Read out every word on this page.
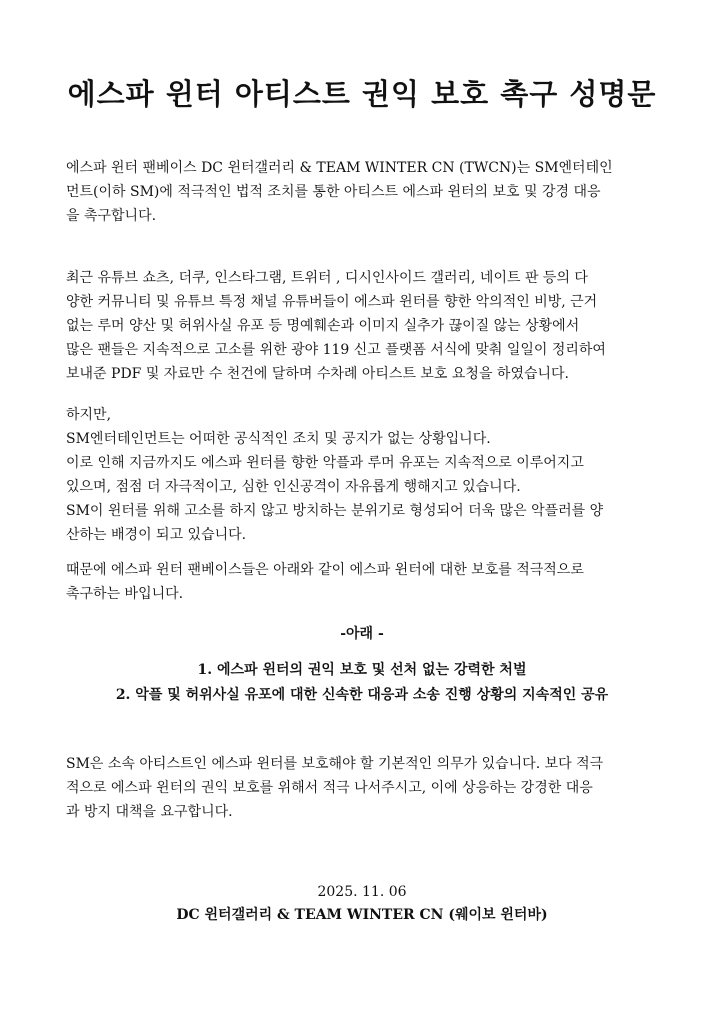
에스파 윈터 아티스트 권익 보호 촉구 성명문

에스파 윈터 팬베이스 DC 윈터갤러리 & TEAM WINTER CN (TWCN)는 SM엔터테인
먼트(이하 SM)에 적극적인 법적 조치를 통한 아티스트 에스파 윈터의 보호 및 강경 대응
을 촉구합니다.

최근 유튜브 쇼츠, 더쿠, 인스타그램, 트위터 , 디시인사이드 갤러리, 네이트 판 등의 다
양한 커뮤니티 및 유튜브 특정 채널 유튜버들이 에스파 윈터를 향한 악의적인 비방, 근거
없는 루머 양산 및 허위사실 유포 등 명예훼손과 이미지 실추가 끊이질 않는 상황에서
많은 팬들은 지속적으로 고소를 위한 광야 119 신고 플랫폼 서식에 맞춰 일일이 정리하여
보내준 PDF 및 자료만 수 천건에 달하며 수차례 아티스트 보호 요청을 하였습니다.

하지만,
SM엔터테인먼트는 어떠한 공식적인 조치 및 공지가 없는 상황입니다.
이로 인해 지금까지도 에스파 윈터를 향한 악플과 루머 유포는 지속적으로 이루어지고
있으며, 점점 더 자극적이고, 심한 인신공격이 자유롭게 행해지고 있습니다.
SM이 윈터를 위해 고소를 하지 않고 방치하는 분위기로 형성되어 더욱 많은 악플러를 양
산하는 배경이 되고 있습니다.

때문에 에스파 윈터 팬베이스들은 아래와 같이 에스파 윈터에 대한 보호를 적극적으로
촉구하는 바입니다.

-아래 -

1. 에스파 윈터의 권익 보호 및 선처 없는 강력한 처벌
2. 악플 및 허위사실 유포에 대한 신속한 대응과 소송 진행 상황의 지속적인 공유

SM은 소속 아티스트인 에스파 윈터를 보호해야 할 기본적인 의무가 있습니다. 보다 적극
적으로 에스파 윈터의 권익 보호를 위해서 적극 나서주시고, 이에 상응하는 강경한 대응
과 방지 대책을 요구합니다.

2025. 11. 06

DC 윈터갤러리 & TEAM WINTER CN (웨이보 윈터바)
